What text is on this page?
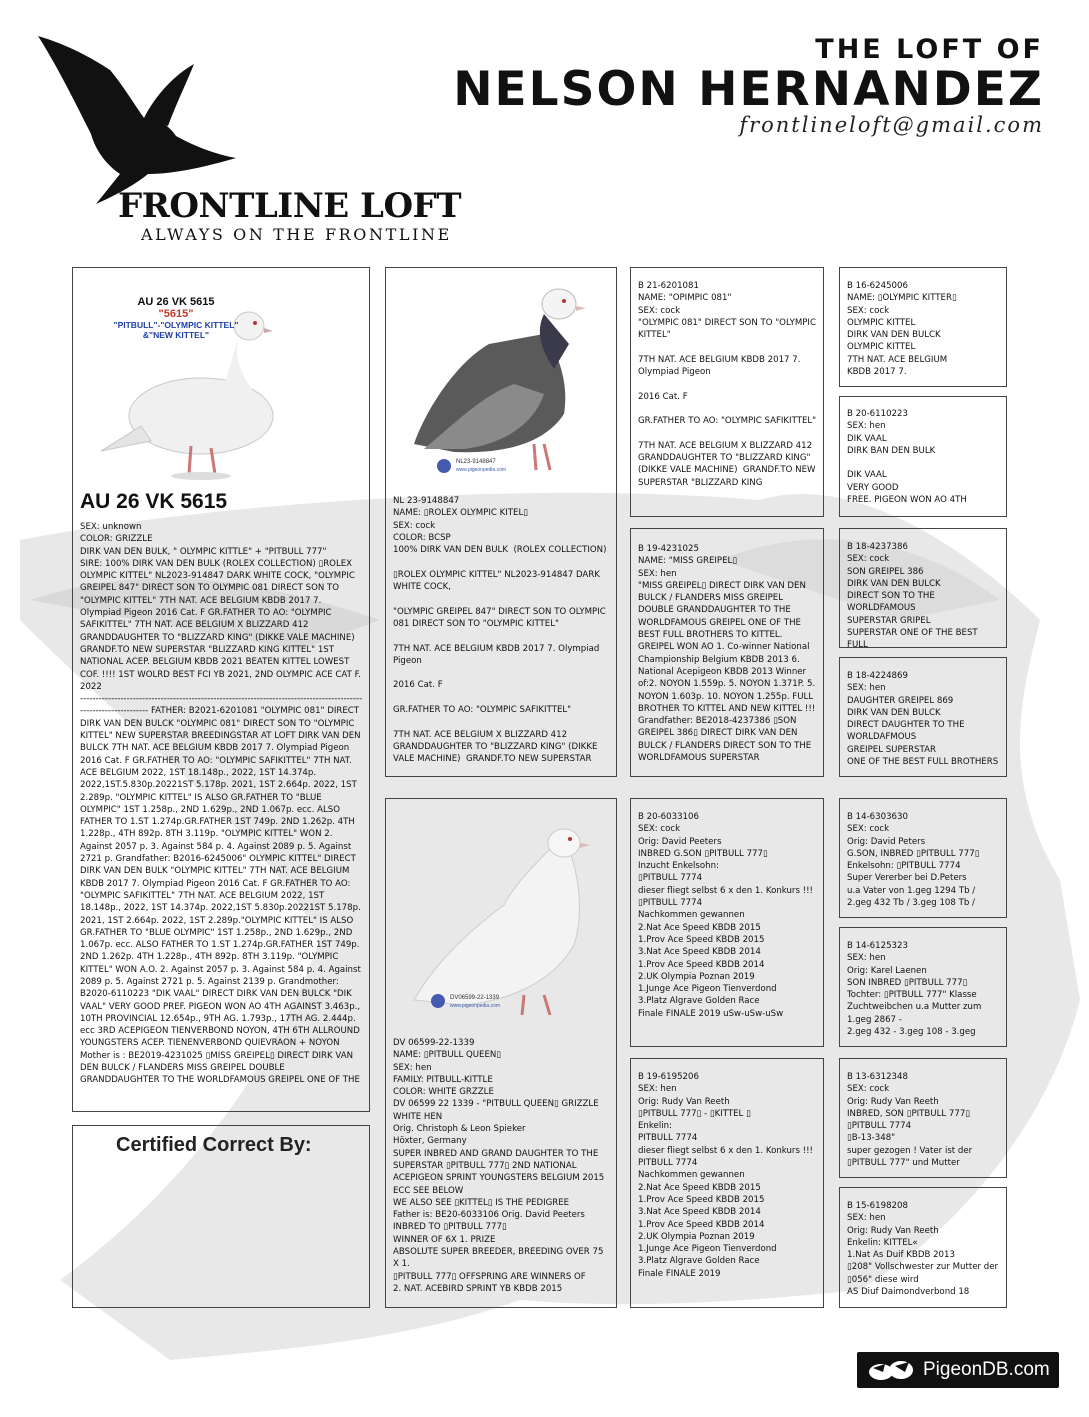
THE LOFT OF
NELSON HERNANDEZ
frontlineloft@gmail.com
FRONTLINE LOFT
ALWAYS ON THE FRONTLINE
AU 26 VK 5615
"5615"
"PITBULL"-"OLYMPIC KITTEL" &"NEW KITTEL"
AU 26 VK 5615
SEX: unknown
COLOR: GRIZZLE
DIRK VAN DEN BULK, " OLYMPIC KITTLE" + "PITBULL 777"
SIRE: 100% DIRK VAN DEN BULK (ROLEX COLLECTION) ▯ROLEX OLYMPIC KITTEL" NL2023-914847 DARK WHITE COCK, "OLYMPIC GREIPEL 847" DIRECT SON TO OLYMPIC 081 DIRECT SON TO "OLYMPIC KITTEL" 7TH NAT. ACE BELGIUM KBDB 2017 7. Olympiad Pigeon 2016 Cat. F GR.FATHER TO AO: "OLYMPIC SAFIKITTEL" 7TH NAT. ACE BELGIUM X BLIZZARD 412 GRANDDAUGHTER TO "BLIZZARD KING" (DIKKE VALE MACHINE) GRANDF.TO NEW SUPERSTAR "BLIZZARD KING KITTEL" 1ST NATIONAL ACEP. BELGIUM KBDB 2021 BEATEN KITTEL LOWEST COF. !!!! 1ST WOLRD BEST FCI YB 2021, 2ND OLYMPIC ACE CAT F. 2022
----------------------------------------------------------------------------------------------------------------- FATHER: B2021-6201081 "OLYMPIC 081" DIRECT DIRK VAN DEN BULCK "OLYMPIC 081" DIRECT SON TO "OLYMPIC KITTEL" NEW SUPERSTAR BREEDINGSTAR AT LOFT DIRK VAN DEN BULCK 7TH NAT. ACE BELGIUM KBDB 2017 7. Olympiad Pigeon 2016 Cat. F GR.FATHER TO AO: "OLYMPIC SAFIKITTEL" 7TH NAT. ACE BELGIUM 2022, 1ST 18.148p., 2022, 1ST 14.374p. 2022,1ST.5.830p.20221ST 5.178p. 2021, 1ST 2.664p. 2022, 1ST 2.289p. "OLYMPIC KITTEL" IS ALSO GR.FATHER TO "BLUE OLYMPIC" 1ST 1.258p., 2ND 1.629p., 2ND 1.067p. ecc. ALSO FATHER TO 1.ST 1.274p.GR.FATHER 1ST 749p. 2ND 1.262p. 4TH 1.228p., 4TH 892p. 8TH 3.119p. "OLYMPIC KITTEL" WON 2. Against 2057 p. 3. Against 584 p. 4. Against 2089 p. 5. Against 2721 p. Grandfather: B2016-6245006" OLYMPIC KITTEL" DIRECT DIRK VAN DEN BULK "OLYMPIC KITTEL" 7TH NAT. ACE BELGIUM KBDB 2017 7. Olympiad Pigeon 2016 Cat. F GR.FATHER TO AO: "OLYMPIC SAFIKITTEL" 7TH NAT. ACE BELGIUM 2022, 1ST 18.148p., 2022, 1ST 14.374p. 2022,1ST 5.830p.20221ST 5.178p. 2021, 1ST 2.664p. 2022, 1ST 2.289p."OLYMPIC KITTEL" IS ALSO GR.FATHER TO "BLUE OLYMPIC" 1ST 1.258p., 2ND 1.629p., 2ND 1.067p. ecc. ALSO FATHER TO 1.ST 1.274p.GR.FATHER 1ST 749p. 2ND 1.262p. 4TH 1.228p., 4TH 892p. 8TH 3.119p. "OLYMPIC KITTEL" WON A.O. 2. Against 2057 p. 3. Against 584 p. 4. Against 2089 p. 5. Against 2721 p. 5. Against 2139 p. Grandmother: B2020-6110223 "DIK VAAL" DIRECT DIRK VAN DEN BULCK "DIK VAAL" VERY GOOD PREF. PIGEON WON AO 4TH AGAINST 3.463p., 10TH PROVINCIAL 12.654p., 9TH AG. 1.793p., 17TH AG. 2.444p. ecc 3RD ACEPIGEON TIENVERBOND NOYON, 4TH 6TH ALLROUND YOUNGSTERS ACEP. TIENENVERBOND QUIEVRAON + NOYON Mother is : BE2019-4231025 ▯MISS GREIPEL▯ DIRECT DIRK VAN DEN BULCK / FLANDERS MISS GREIPEL DOUBLE GRANDDAUGHTER TO THE WORLDFAMOUS GREIPEL ONE OF THE
Certified Correct By:
NL23-9148847
www.pigeonpedia.com
NL 23-9148847
NAME: ▯ROLEX OLYMPIC KITEL▯
SEX: cock
COLOR: BCSP
100% DIRK VAN DEN BULK  (ROLEX COLLECTION)

▯ROLEX OLYMPIC KITTEL" NL2023-914847 DARK WHITE COCK,

"OLYMPIC GREIPEL 847" DIRECT SON TO OLYMPIC 081 DIRECT SON TO "OLYMPIC KITTEL"

7TH NAT. ACE BELGIUM KBDB 2017 7. Olympiad Pigeon

2016 Cat. F

GR.FATHER TO AO: "OLYMPIC SAFIKITTEL"

7TH NAT. ACE BELGIUM X BLIZZARD 412 GRANDDAUGHTER TO "BLIZZARD KING" (DIKKE VALE MACHINE)  GRANDF.TO NEW SUPERSTAR
DV06599-22-1339
www.pigeonpedia.com
DV 06599-22-1339
NAME: ▯PITBULL QUEEN▯
SEX: hen
FAMILY: PITBULL-KITTLE
COLOR: WHITE GRZZLE
DV 06599 22 1339 - "PITBULL QUEEN▯ GRIZZLE WHITE HEN
Orig. Christoph & Leon Spieker
Höxter, Germany
SUPER INBRED AND GRAND DAUGHTER TO THE SUPERSTAR ▯PITBULL 777▯ 2ND NATIONAL ACEPIGEON SPRINT YOUNGSTERS BELGIUM 2015 ECC SEE BELOW
WE ALSO SEE ▯KITTEL▯ IS THE PEDIGREE
Father is: BE20-6033106 Orig. David Peeters
INBRED TO ▯PITBULL 777▯
WINNER OF 6X 1. PRIZE
ABSOLUTE SUPER BREEDER, BREEDING OVER 75 X 1.
▯PITBULL 777▯ OFFSPRING ARE WINNERS OF
2. NAT. ACEBIRD SPRINT YB KBDB 2015
B 21-6201081
NAME: "OPIMPIC 081"
SEX: cock
"OLYMPIC 081" DIRECT SON TO "OLYMPIC KITTEL"

7TH NAT. ACE BELGIUM KBDB 2017 7. Olympiad Pigeon

2016 Cat. F

GR.FATHER TO AO: "OLYMPIC SAFIKITTEL"

7TH NAT. ACE BELGIUM X BLIZZARD 412 GRANDDAUGHTER TO "BLIZZARD KING" (DIKKE VALE MACHINE)  GRANDF.TO NEW SUPERSTAR "BLIZZARD KING
B 19-4231025
NAME: "MISS GREIPEL▯
SEX: hen
"MISS GREIPEL▯ DIRECT DIRK VAN DEN BULCK / FLANDERS MISS GREIPEL DOUBLE GRANDDAUGHTER TO THE WORLDFAMOUS GREIPEL ONE OF THE BEST FULL BROTHERS TO KITTEL. GREIPEL WON AO 1. Co-winner National Championship Belgium KBDB 2013 6. National Acepigeon KBDB 2013 Winner of:2. NOYON 1.559p. 5. NOYON 1.371P. 5. NOYON 1.603p. 10. NOYON 1.255p. FULL BROTHER TO KITTEL AND NEW KITTEL !!! Grandfather: BE2018-4237386 ▯SON GREIPEL 386▯ DIRECT DIRK VAN DEN BULCK / FLANDERS DIRECT SON TO THE WORLDFAMOUS SUPERSTAR
B 20-6033106
SEX: cock
Orig: David Peeters
INBRED G.SON ▯PITBULL 777▯
Inzucht Enkelsohn:
▯PITBULL 7774
dieser fliegt selbst 6 x den 1. Konkurs !!!
▯PITBULL 7774
Nachkommen gewannen
2.Nat Ace Speed KBDB 2015
1.Prov Ace Speed KBDB 2015
3.Nat Ace Speed KBDB 2014
1.Prov Ace Speed KBDB 2014
2.UK Olympia Poznan 2019
1.Junge Ace Pigeon Tienverdond
3.Platz Algrave Golden Race
Finale FINALE 2019 uSw-uSw-uSw
B 19-6195206
SEX: hen
Orig: Rudy Van Reeth
▯PITBULL 777▯ - ▯KITTEL ▯
Enkelin:
PITBULL 7774
dieser fliegt selbst 6 x den 1. Konkurs !!!
PITBULL 7774
Nachkommen gewannen
2.Nat Ace Speed KBDB 2015
1.Prov Ace Speed KBDB 2015
3.Nat Ace Speed KBDB 2014
1.Prov Ace Speed KBDB 2014
2.UK Olympia Poznan 2019
1.Junge Ace Pigeon Tienverdond
3.Platz Algrave Golden Race
Finale FINALE 2019
B 16-6245006
NAME: ▯OLYMPIC KITTER▯
SEX: cock
OLYMPIC KITTEL
DIRK VAN DEN BULCK
OLYMPIC KITTEL
7TH NAT. ACE BELGIUM
KBDB 2017 7.
B 20-6110223
SEX: hen
DIK VAAL
DIRK BAN DEN BULK

DIK VAAL
VERY GOOD
FREE. PIGEON WON AO 4TH
B 18-4237386
SEX: cock
SON GREIPEL 386
DIRK VAN DEN BULCK
DIRECT SON TO THE WORLDFAMOUS
SUPERSTAR GRIPEL
SUPERSTAR ONE OF THE BEST FULL
B 18-4224869
SEX: hen
DAUGHTER GREIPEL 869
DIRK VAN DEN BULCK
DIRECT DAUGHTER TO THE WORLDAFMOUS
GREIPEL SUPERSTAR
ONE OF THE BEST FULL BROTHERS
B 14-6303630
SEX: cock
Orig: David Peters
G.SON, INBRED ▯PITBULL 777▯
Enkelsohn: ▯PITBULL 7774
Super Vererber bei D.Peters
u.a Vater von 1.geg 1294 Tb /
2.geg 432 Tb / 3.geg 108 Tb /
B 14-6125323
SEX: hen
Orig: Karel Laenen
SON INBRED ▯PITBULL 777▯
Tochter: ▯PITBULL 777" Klasse Zuchtweibchen u.a Mutter zum 1.geg 2867 -
2.geg 432 - 3.geg 108 - 3.geg
B 13-6312348
SEX: cock
Orig: Rudy Van Reeth
INBRED, SON ▯PITBULL 777▯
▯PITBULL 7774
▯B-13-348"
super gezogen ! Vater ist der ▯PITBULL 777" und Mutter
B 15-6198208
SEX: hen
Orig: Rudy Van Reeth
Enkelin: KITTEL«
1.Nat As Duif KBDB 2013
▯208" Vollschwester zur Mutter der ▯056" diese wird
AS Diuf Daimondverbond 18
PigeonDB.com
